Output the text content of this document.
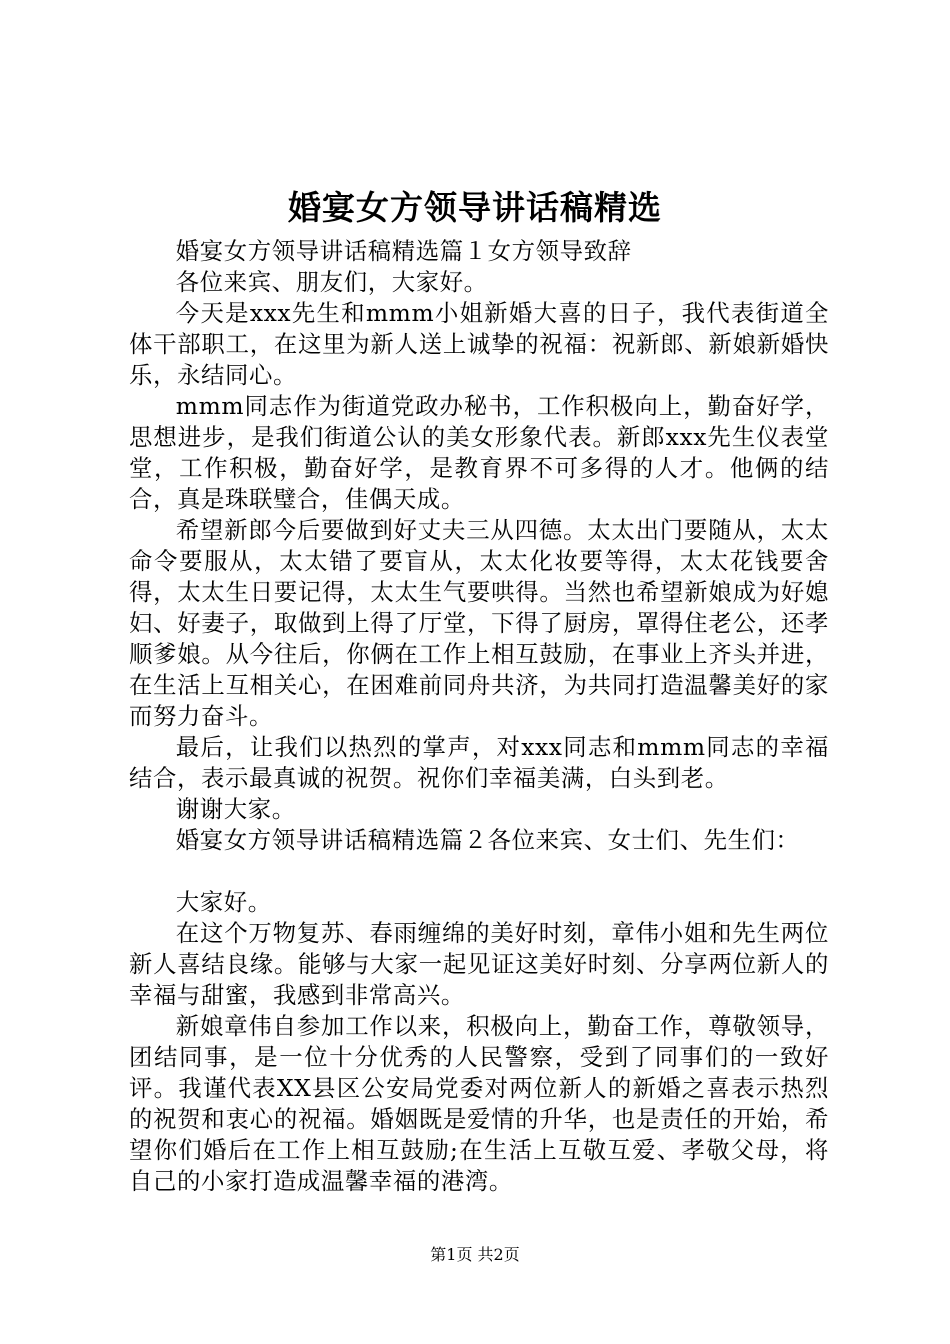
婚宴女方领导讲话稿精选

婚宴女方领导讲话稿精选篇１女方领导致辞

各位来宾、朋友们，大家好。

今天是xxx先生和mmm小姐新婚大喜的日子，我代表街道全体干部职工，在这里为新人送上诚挚的祝福：祝新郎、新娘新婚快乐，永结同心。

mmm同志作为街道党政办秘书，工作积极向上，勤奋好学，思想进步，是我们街道公认的美女形象代表。新郎xxx先生仪表堂堂，工作积极，勤奋好学，是教育界不可多得的人才。他俩的结合，真是珠联璧合，佳偶天成。

希望新郎今后要做到好丈夫三从四德。太太出门要随从，太太命令要服从，太太错了要盲从，太太化妆要等得，太太花钱要舍得，太太生日要记得，太太生气要哄得。当然也希望新娘成为好媳妇、好妻子，取做到上得了厅堂，下得了厨房，罩得住老公，还孝顺爹娘。从今往后，你俩在工作上相互鼓励，在事业上齐头并进，在生活上互相关心，在困难前同舟共济，为共同打造温馨美好的家而努力奋斗。

最后，让我们以热烈的掌声，对xxx同志和mmm同志的幸福结合，表示最真诚的祝贺。祝你们幸福美满，白头到老。

谢谢大家。

婚宴女方领导讲话稿精选篇２各位来宾、女士们、先生们：

大家好。

在这个万物复苏、春雨缠绵的美好时刻，章伟小姐和先生两位新人喜结良缘。能够与大家一起见证这美好时刻、分享两位新人的幸福与甜蜜，我感到非常高兴。

新娘章伟自参加工作以来，积极向上，勤奋工作，尊敬领导，团结同事，是一位十分优秀的人民警察，受到了同事们的一致好评。我谨代表XX县区公安局党委对两位新人的新婚之喜表示热烈的祝贺和衷心的祝福。婚姻既是爱情的升华，也是责任的开始，希望你们婚后在工作上相互鼓励;在生活上互敬互爱、孝敬父母，将自己的小家打造成温馨幸福的港湾。

第1页 共2页
